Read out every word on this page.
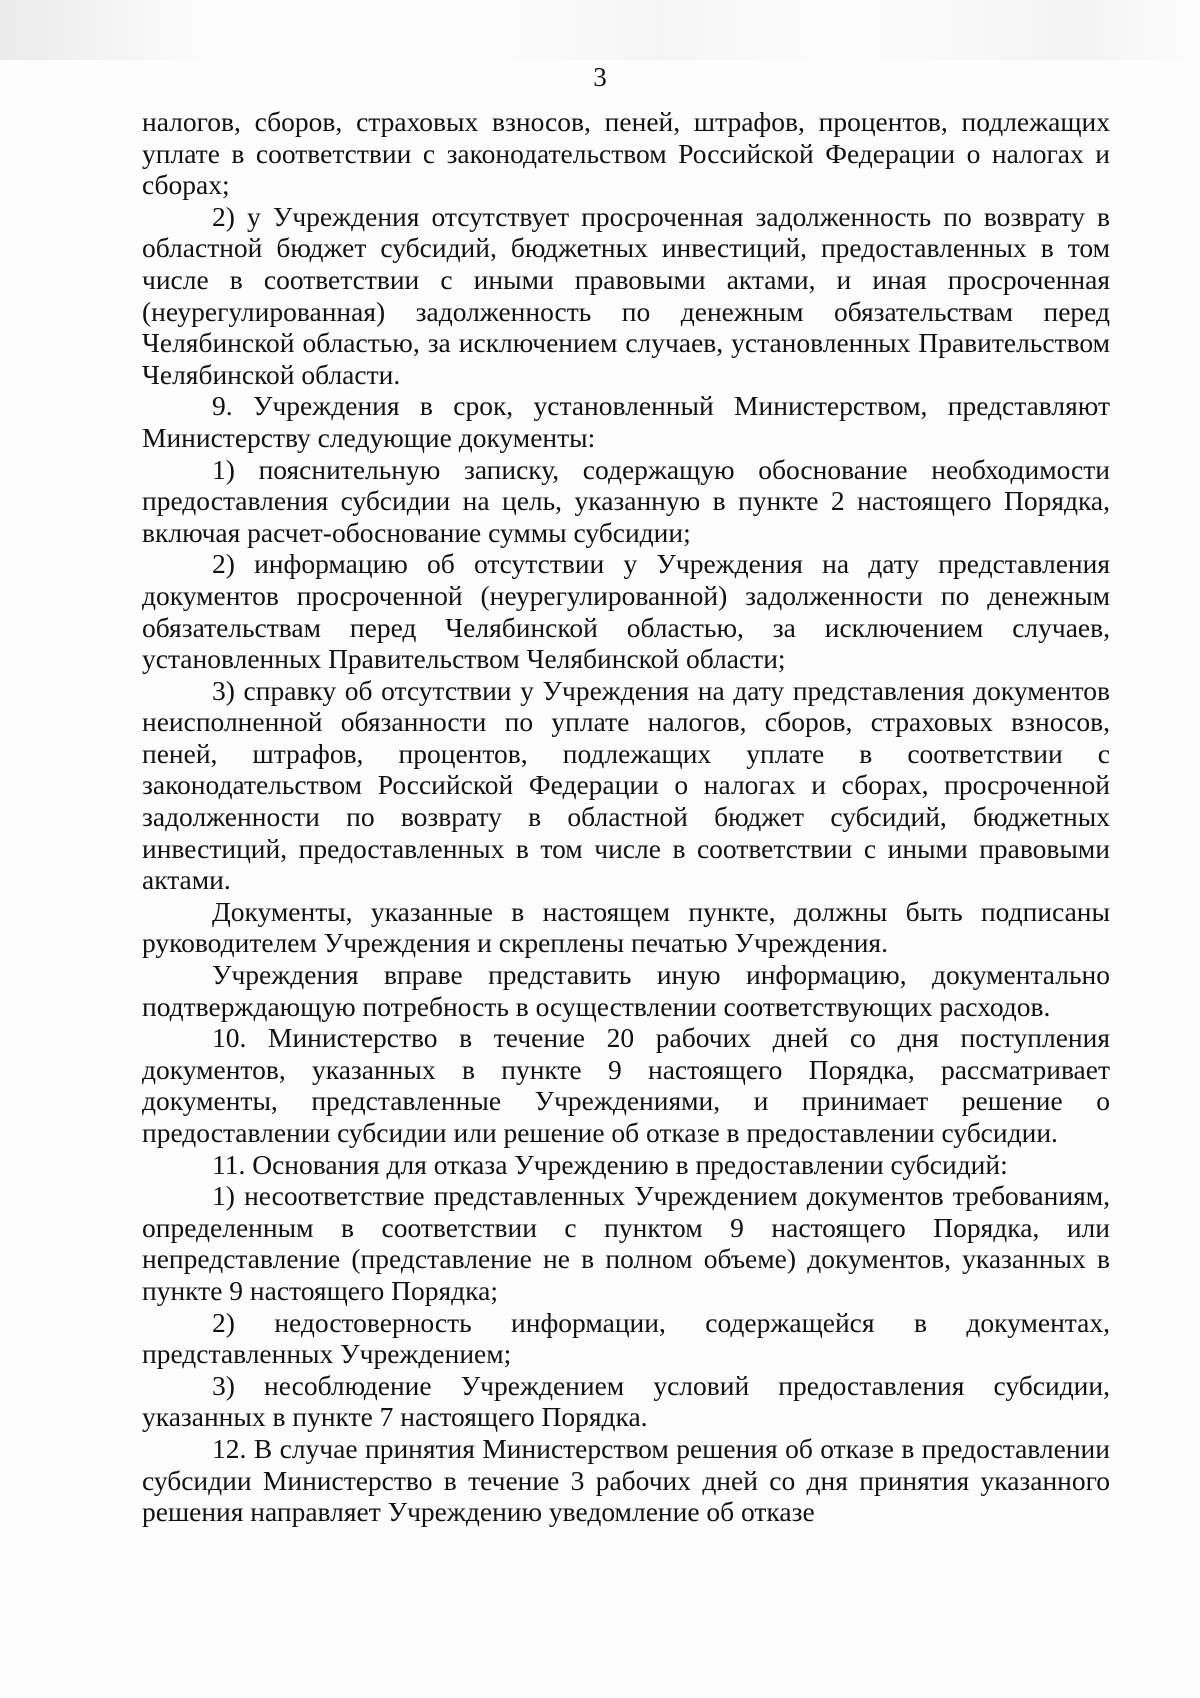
3

налогов, сборов, страховых взносов, пеней, штрафов, процентов, подлежащих уплате в соответствии с законодательством Российской Федерации о налогах и сборах;

2) у Учреждения отсутствует просроченная задолженность по возврату в областной бюджет субсидий, бюджетных инвестиций, предоставленных в том числе в соответствии с иными правовыми актами, и иная просроченная (неурегулированная) задолженность по денежным обязательствам перед Челябинской областью, за исключением случаев, установленных Правительством Челябинской области.

9. Учреждения в срок, установленный Министерством, представляют Министерству следующие документы:

1) пояснительную записку, содержащую обоснование необходимости предоставления субсидии на цель, указанную в пункте 2 настоящего Порядка, включая расчет-обоснование суммы субсидии;

2) информацию об отсутствии у Учреждения на дату представления документов просроченной (неурегулированной) задолженности по денежным обязательствам перед Челябинской областью, за исключением случаев, установленных Правительством Челябинской области;

3) справку об отсутствии у Учреждения на дату представления документов неисполненной обязанности по уплате налогов, сборов, страховых взносов, пеней, штрафов, процентов, подлежащих уплате в соответствии с законодательством Российской Федерации о налогах и сборах, просроченной задолженности по возврату в областной бюджет субсидий, бюджетных инвестиций, предоставленных в том числе в соответствии с иными правовыми актами.

Документы, указанные в настоящем пункте, должны быть подписаны руководителем Учреждения и скреплены печатью Учреждения.

Учреждения вправе представить иную информацию, документально подтверждающую потребность в осуществлении соответствующих расходов.

10. Министерство в течение 20 рабочих дней со дня поступления документов, указанных в пункте 9 настоящего Порядка, рассматривает документы, представленные Учреждениями, и принимает решение о предоставлении субсидии или решение об отказе в предоставлении субсидии.

11. Основания для отказа Учреждению в предоставлении субсидий:

1) несоответствие представленных Учреждением документов требованиям, определенным в соответствии с пунктом 9 настоящего Порядка, или непредставление (представление не в полном объеме) документов, указанных в пункте 9 настоящего Порядка;

2) недостоверность информации, содержащейся в документах, представленных Учреждением;

3) несоблюдение Учреждением условий предоставления субсидии, указанных в пункте 7 настоящего Порядка.

12. В случае принятия Министерством решения об отказе в предоставлении субсидии Министерство в течение 3 рабочих дней со дня принятия указанного решения направляет Учреждению уведомление об отказе
